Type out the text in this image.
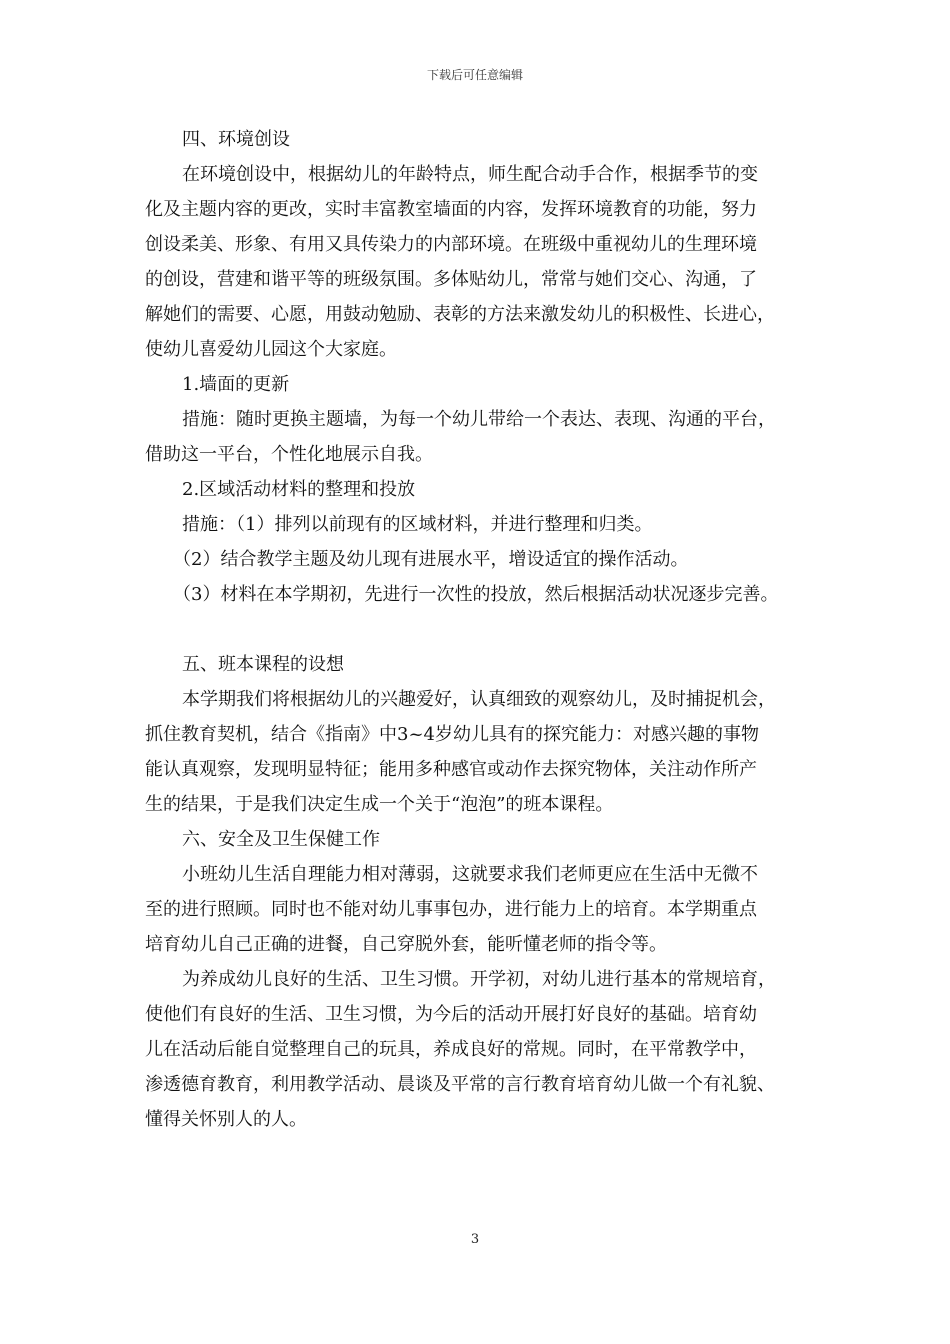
下载后可任意编辑

四、环境创设

在环境创设中，根据幼儿的年龄特点，师生配合动手合作，根据季节的变
化及主题内容的更改，实时丰富教室墙面的内容，发挥环境教育的功能，努力
创设柔美、形象、有用又具传染力的内部环境。在班级中重视幼儿的生理环境
的创设，营建和谐平等的班级氛围。多体贴幼儿，常常与她们交心、沟通，了
解她们的需要、心愿，用鼓动勉励、表彰的方法来激发幼儿的积极性、长进心，
使幼儿喜爱幼儿园这个大家庭。

1.墙面的更新

措施：随时更换主题墙，为每一个幼儿带给一个表达、表现、沟通的平台，
借助这一平台，个性化地展示自我。

2.区域活动材料的整理和投放

措施：（1）排列以前现有的区域材料，并进行整理和归类。
（2）结合教学主题及幼儿现有进展水平，增设适宜的操作活动。
（3）材料在本学期初，先进行一次性的投放，然后根据活动状况逐步完善。

五、班本课程的设想

本学期我们将根据幼儿的兴趣爱好，认真细致的观察幼儿，及时捕捉机会，
抓住教育契机，结合《指南》中3~4岁幼儿具有的探究能力：对感兴趣的事物
能认真观察，发现明显特征；能用多种感官或动作去探究物体，关注动作所产
生的结果，于是我们决定生成一个关于“泡泡”的班本课程。

六、安全及卫生保健工作

小班幼儿生活自理能力相对薄弱，这就要求我们老师更应在生活中无微不
至的进行照顾。同时也不能对幼儿事事包办，进行能力上的培育。本学期重点
培育幼儿自己正确的进餐，自己穿脱外套，能听懂老师的指令等。

为养成幼儿良好的生活、卫生习惯。开学初，对幼儿进行基本的常规培育，
使他们有良好的生活、卫生习惯，为今后的活动开展打好良好的基础。培育幼
儿在活动后能自觉整理自己的玩具，养成良好的常规。同时，在平常教学中，
渗透德育教育，利用教学活动、晨谈及平常的言行教育培育幼儿做一个有礼貌、
懂得关怀别人的人。

3
